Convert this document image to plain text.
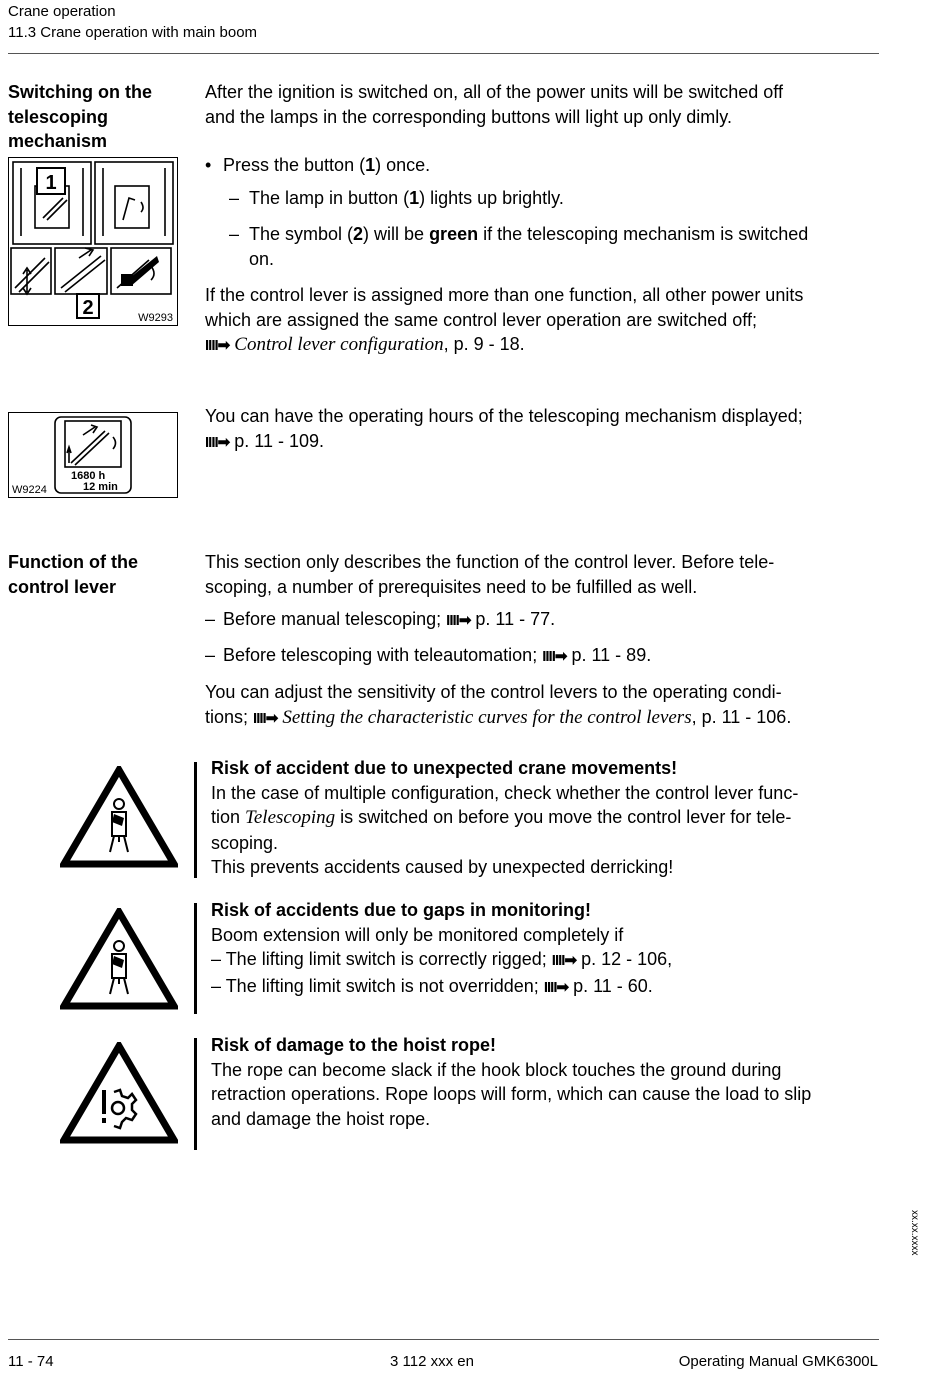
Crane operation
11.3 Crane operation with main boom
Switching on the
telescoping
mechanism
1
2	W9293
After the ignition is switched on, all of the power units will be switched off
and the lamps in the corresponding buttons will light up only dimly.
• Press the button (1) once.
– The lamp in button (1) lights up brightly.
– The symbol (2) will be green if the telescoping mechanism is switched
on.
If the control lever is assigned more than one function, all other power units
which are assigned the same control lever operation are switched off;
IIII➡ Control lever configuration, p. 9 - 18.
1680 h
12 min
W9224
You can have the operating hours of the telescoping mechanism displayed;
IIII➡ p. 11 - 109.
Function of the
control lever
This section only describes the function of the control lever. Before tele-
scoping, a number of prerequisites need to be fulfilled as well.
– Before manual telescoping; IIII➡ p. 11 - 77.
– Before telescoping with teleautomation; IIII➡ p. 11 - 89.
You can adjust the sensitivity of the control levers to the operating condi-
tions; IIII➡ Setting the characteristic curves for the control levers, p. 11 - 106.
Risk of accident due to unexpected crane movements!
In the case of multiple configuration, check whether the control lever func-
tion Telescoping is switched on before you move the control lever for tele-
scoping.
This prevents accidents caused by unexpected derricking!
Risk of accidents due to gaps in monitoring!
Boom extension will only be monitored completely if
– The lifting limit switch is correctly rigged; IIII➡ p. 12 - 106,
– The lifting limit switch is not overridden; IIII➡ p. 11 - 60.
Risk of damage to the hoist rope!
The rope can become slack if the hook block touches the ground during
retraction operations. Rope loops will form, which can cause the load to slip
and damage the hoist rope.
xx.xx.xxxx
11 - 74	3 112 xxx en	Operating Manual GMK6300L
